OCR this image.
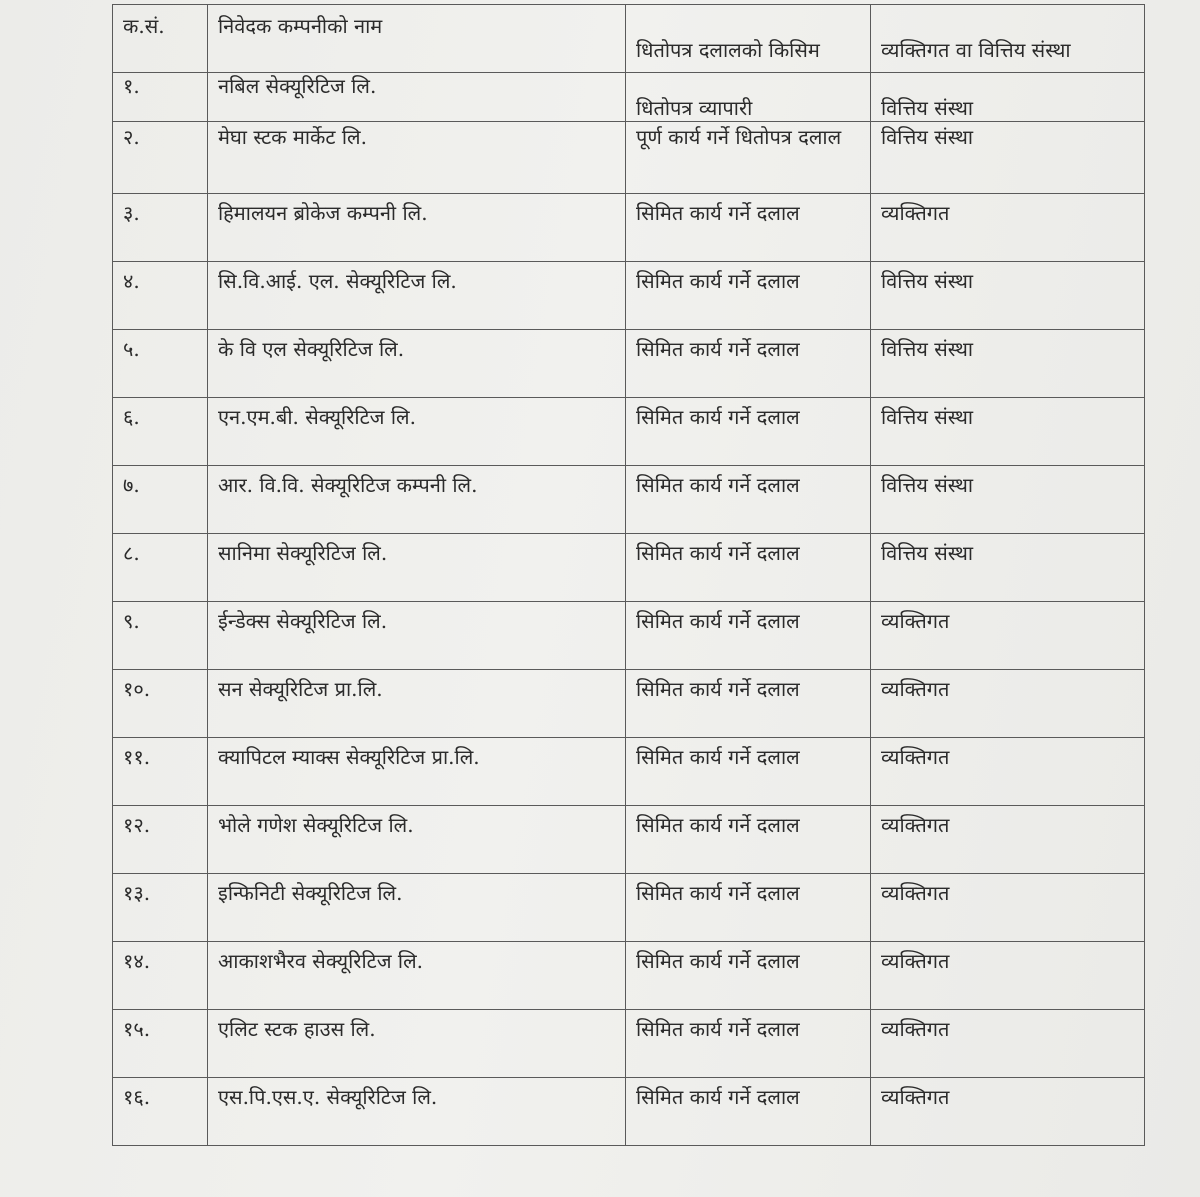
क.सं.	निवेदक कम्पनीको नाम	धितोपत्र दलालको किसिम	व्यक्तिगत वा वित्तिय संस्था
१.	नबिल सेक्यूरिटिज लि.	धितोपत्र व्यापारी	वित्तिय संस्था
२.	मेघा स्टक मार्केट लि.	पूर्ण कार्य गर्ने धितोपत्र दलाल	वित्तिय संस्था
३.	हिमालयन ब्रोकेज कम्पनी लि.	सिमित कार्य गर्ने दलाल	व्यक्तिगत
४.	सि.वि.आई. एल. सेक्यूरिटिज लि.	सिमित कार्य गर्ने दलाल	वित्तिय संस्था
५.	के वि एल सेक्यूरिटिज लि.	सिमित कार्य गर्ने दलाल	वित्तिय संस्था
६.	एन.एम.बी. सेक्यूरिटिज लि.	सिमित कार्य गर्ने दलाल	वित्तिय संस्था
७.	आर. वि.वि. सेक्यूरिटिज कम्पनी लि.	सिमित कार्य गर्ने दलाल	वित्तिय संस्था
८.	सानिमा सेक्यूरिटिज लि.	सिमित कार्य गर्ने दलाल	वित्तिय संस्था
९.	ईन्डेक्स सेक्यूरिटिज लि.	सिमित कार्य गर्ने दलाल	व्यक्तिगत
१०.	सन सेक्यूरिटिज प्रा.लि.	सिमित कार्य गर्ने दलाल	व्यक्तिगत
११.	क्यापिटल म्याक्स सेक्यूरिटिज प्रा.लि.	सिमित कार्य गर्ने दलाल	व्यक्तिगत
१२.	भोले गणेश सेक्यूरिटिज लि.	सिमित कार्य गर्ने दलाल	व्यक्तिगत
१३.	इन्फिनिटी सेक्यूरिटिज लि.	सिमित कार्य गर्ने दलाल	व्यक्तिगत
१४.	आकाशभैरव सेक्यूरिटिज लि.	सिमित कार्य गर्ने दलाल	व्यक्तिगत
१५.	एलिट स्टक हाउस लि.	सिमित कार्य गर्ने दलाल	व्यक्तिगत
१६.	एस.पि.एस.ए. सेक्यूरिटिज लि.	सिमित कार्य गर्ने दलाल	व्यक्तिगत
